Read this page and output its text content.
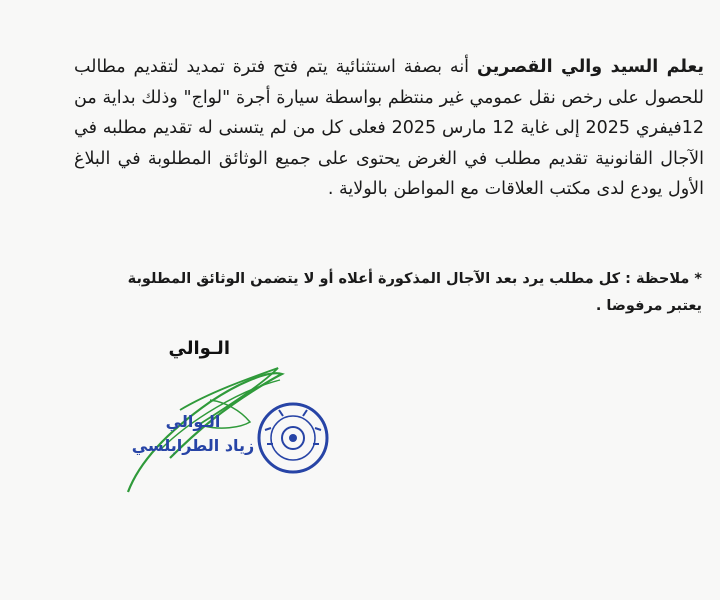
يعلم السيد والي القصرين أنه بصفة استثنائية يتم فتح فترة تمديد لتقديم مطالب للحصول على رخص نقل عمومي غير منتظم بواسطة سيارة أجرة "لواج" وذلك بداية من 12فيفري 2025 إلى غاية 12 مارس 2025 فعلى كل من لم يتسنى له تقديم مطلبه في الآجال القانونية تقديم مطلب في الغرض يحتوى على جميع الوثائق المطلوبة في البلاغ الأول يودع لدى مكتب العلاقات مع المواطن بالولاية .

* ملاحظة : كل مطلب يرد بعد الآجال المذكورة أعلاه أو لا يتضمن الوثائق المطلوبة
يعتبر مرفوضا .
الـوالي
الـوالي
زياد الطرابلسي
